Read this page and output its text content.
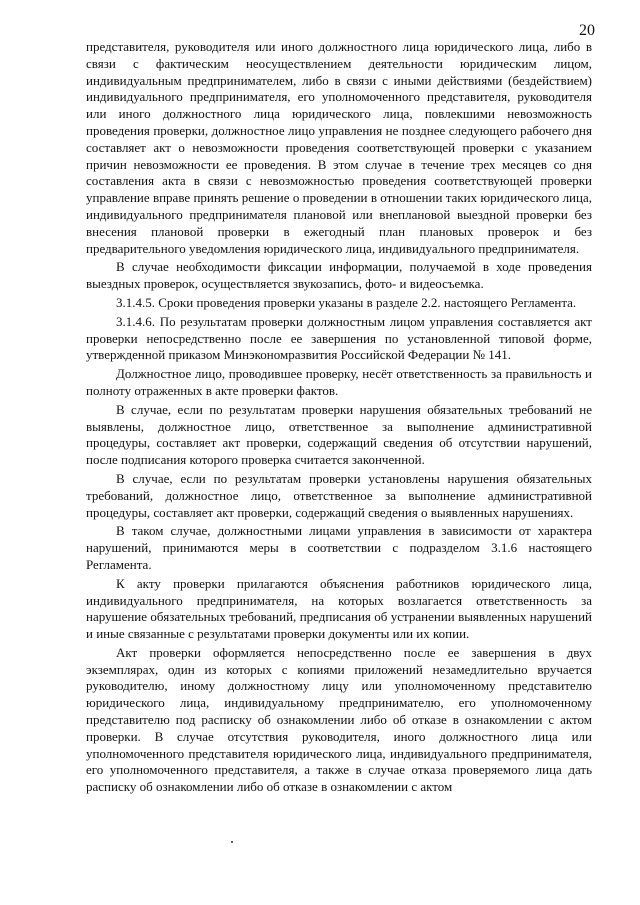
20

представителя, руководителя или иного должностного лица юридического лица, либо в связи с фактическим неосуществлением деятельности юридическим лицом, индивидуальным предпринимателем, либо в связи с иными действиями (бездействием) индивидуального предпринимателя, его уполномоченного представителя, руководителя или иного должностного лица юридического лица, повлекшими невозможность проведения проверки, должностное лицо управления не позднее следующего рабочего дня составляет акт о невозможности проведения соответствующей проверки с указанием причин невозможности ее проведения. В этом случае в течение трех месяцев со дня составления акта в связи с невозможностью проведения соответствующей проверки управление вправе принять решение о проведении в отношении таких юридического лица, индивидуального предпринимателя плановой или внеплановой выездной проверки без внесения плановой проверки в ежегодный план плановых проверок и без предварительного уведомления юридического лица, индивидуального предпринимателя.

В случае необходимости фиксации информации, получаемой в ходе проведения выездных проверок, осуществляется звукозапись, фото- и видеосъемка.

3.1.4.5. Сроки проведения проверки указаны в разделе 2.2. настоящего Регламента.

3.1.4.6. По результатам проверки должностным лицом управления составляется акт проверки непосредственно после ее завершения по установленной типовой форме, утвержденной приказом Минэкономразвития Российской Федерации № 141.

Должностное лицо, проводившее проверку, несёт ответственность за правильность и полноту отраженных в акте проверки фактов.

В случае, если по результатам проверки нарушения обязательных требований не выявлены, должностное лицо, ответственное за выполнение административной процедуры, составляет акт проверки, содержащий сведения об отсутствии нарушений, после подписания которого проверка считается законченной.

В случае, если по результатам проверки установлены нарушения обязательных требований, должностное лицо, ответственное за выполнение административной процедуры, составляет акт проверки, содержащий сведения о выявленных нарушениях.

В таком случае, должностными лицами управления в зависимости от характера нарушений, принимаются меры в соответствии с подразделом 3.1.6 настоящего Регламента.

К акту проверки прилагаются объяснения работников юридического лица, индивидуального предпринимателя, на которых возлагается ответственность за нарушение обязательных требований, предписания об устранении выявленных нарушений и иные связанные с результатами проверки документы или их копии.

Акт проверки оформляется непосредственно после ее завершения в двух экземплярах, один из которых с копиями приложений незамедлительно вручается руководителю, иному должностному лицу или уполномоченному представителю юридического лица, индивидуальному предпринимателю, его уполномоченному представителю под расписку об ознакомлении либо об отказе в ознакомлении с актом проверки. В случае отсутствия руководителя, иного должностного лица или уполномоченного представителя юридического лица, индивидуального предпринимателя, его уполномоченного представителя, а также в случае отказа проверяемого лица дать расписку об ознакомлении либо об отказе в ознакомлении с актом
